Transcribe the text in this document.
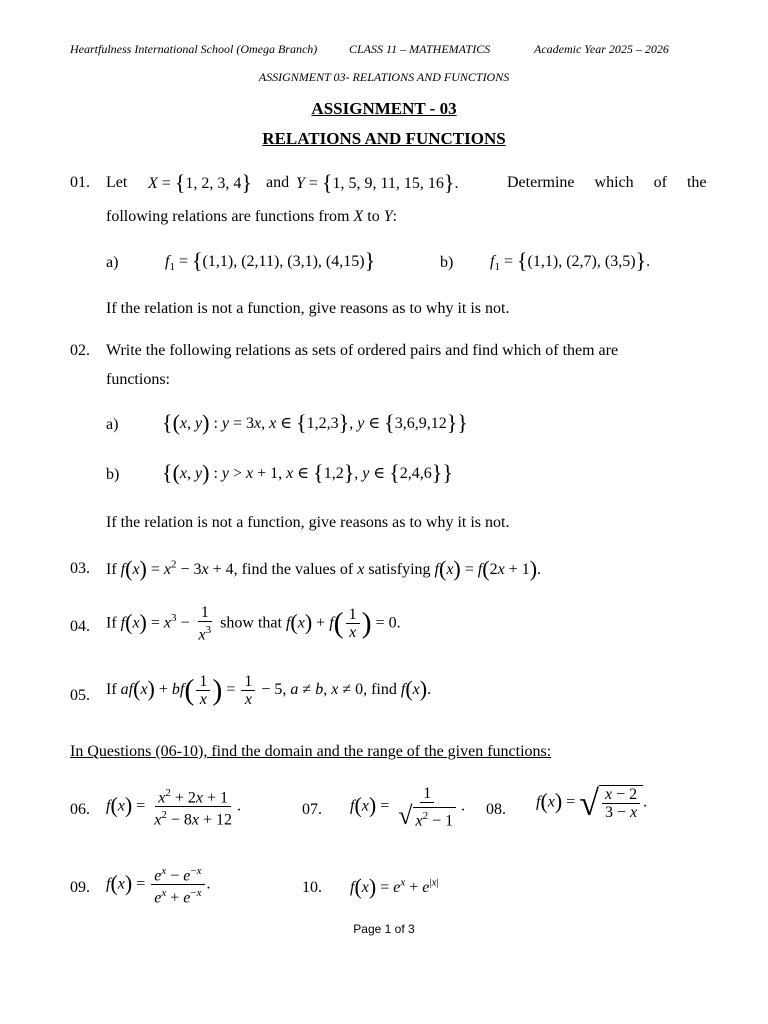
Heartfulness International School (Omega Branch)	CLASS 11 – MATHEMATICS	Academic Year 2025 – 2026
ASSIGNMENT 03- RELATIONS AND FUNCTIONS
ASSIGNMENT - 03
RELATIONS AND FUNCTIONS
01. Let X = {1, 2, 3, 4} and Y = {1, 5, 9, 11, 15, 16}.	Determine which of the
following relations are functions from X to Y:
a)	$f_1 = \{(1,1)$, (2,11), (3,1), (4,15)}	b) $f_1 = \{(1,1)$, (2,7), (3,5)}.
If the relation is not a function, give reasons as to why it is not.
02. Write the following relations as sets of ordered pairs and find which of them are
functions:
a) {(x, y) : y = 3x, x ∈ {1,2,3}, y ∈ {3,6,9,12}}
b) {(x, y) : y > x + 1, x ∈ {1,2}, y ∈ {2,4,6}}
If the relation is not a function, give reasons as to why it is not.
03. If $f(x) = x^2 - 3x + 4$, find the values of x satisfying f(x) = f(2x + 1).
04. If $f(x) = x^3 - \frac{1}{x^3}$ show that $f(x) + f( \frac{1}{x}$ ) = 0.
05. If $af(x) + bf( \frac{1}{x}$ ) = $\frac{1}{x} - 5$, a ≠ b, x ≠ 0, find f(x).
In Questions (06-10), find the domain and the range of the given functions:
06. $f(x) = \frac{x^2 + 2x + 1}{x^2 - 8x + 12}$ .	07. $f(x) = \frac{1}{√ x^2 - 1}$ . 08. f(x) = √ $\frac{x - 2}{3 - x}$ .
09. $f(x) = \frac{e^x - e^{-x}}{e^x + e^{-x}}$ .	10. $f(x) = e^x + e^{|x|}$
Page 1 of 3
